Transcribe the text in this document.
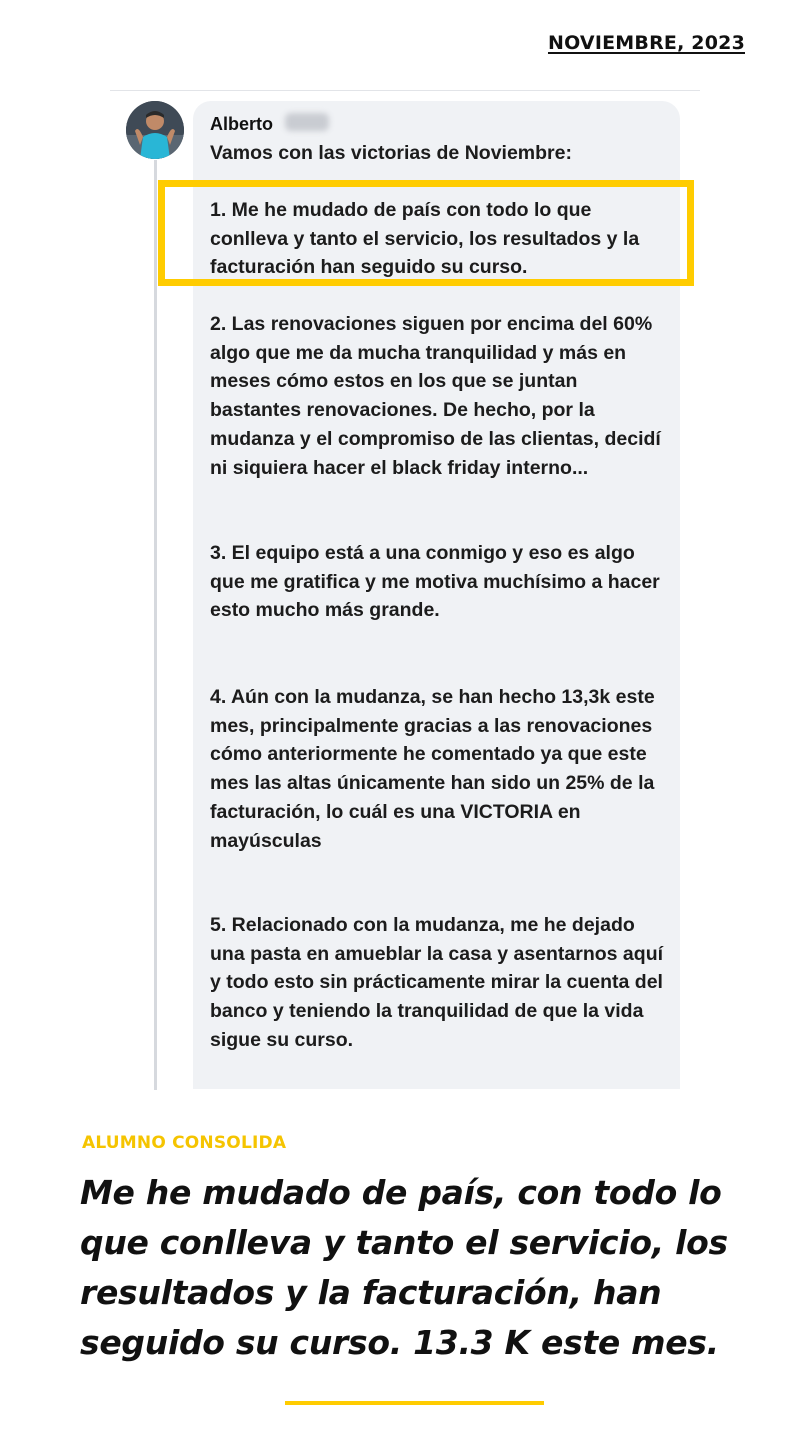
NOVIEMBRE, 2023
Alberto

Vamos con las victorias de Noviembre:

1. Me he mudado de país con todo lo que conlleva y tanto el servicio, los resultados y la facturación han seguido su curso.

2. Las renovaciones siguen por encima del 60% algo que me da mucha tranquilidad y más en meses cómo estos en los que se juntan bastantes renovaciones. De hecho, por la mudanza y el compromiso de las clientas, decidí ni siquiera hacer el black friday interno...

3. El equipo está a una conmigo y eso es algo que me gratifica y me motiva muchísimo a hacer esto mucho más grande.

4. Aún con la mudanza, se han hecho 13,3k este mes, principalmente gracias a las renovaciones cómo anteriormente he comentado ya que este mes las altas únicamente han sido un 25% de la facturación, lo cuál es una VICTORIA en mayúsculas

5. Relacionado con la mudanza, me he dejado una pasta en amueblar la casa y asentarnos aquí y todo esto sin prácticamente mirar la cuenta del banco y teniendo la tranquilidad de que la vida sigue su curso.

ALUMNO CONSOLIDA

Me he mudado de país, con todo lo que conlleva y tanto el servicio, los resultados y la facturación, han seguido su curso. 13.3 K este mes.
